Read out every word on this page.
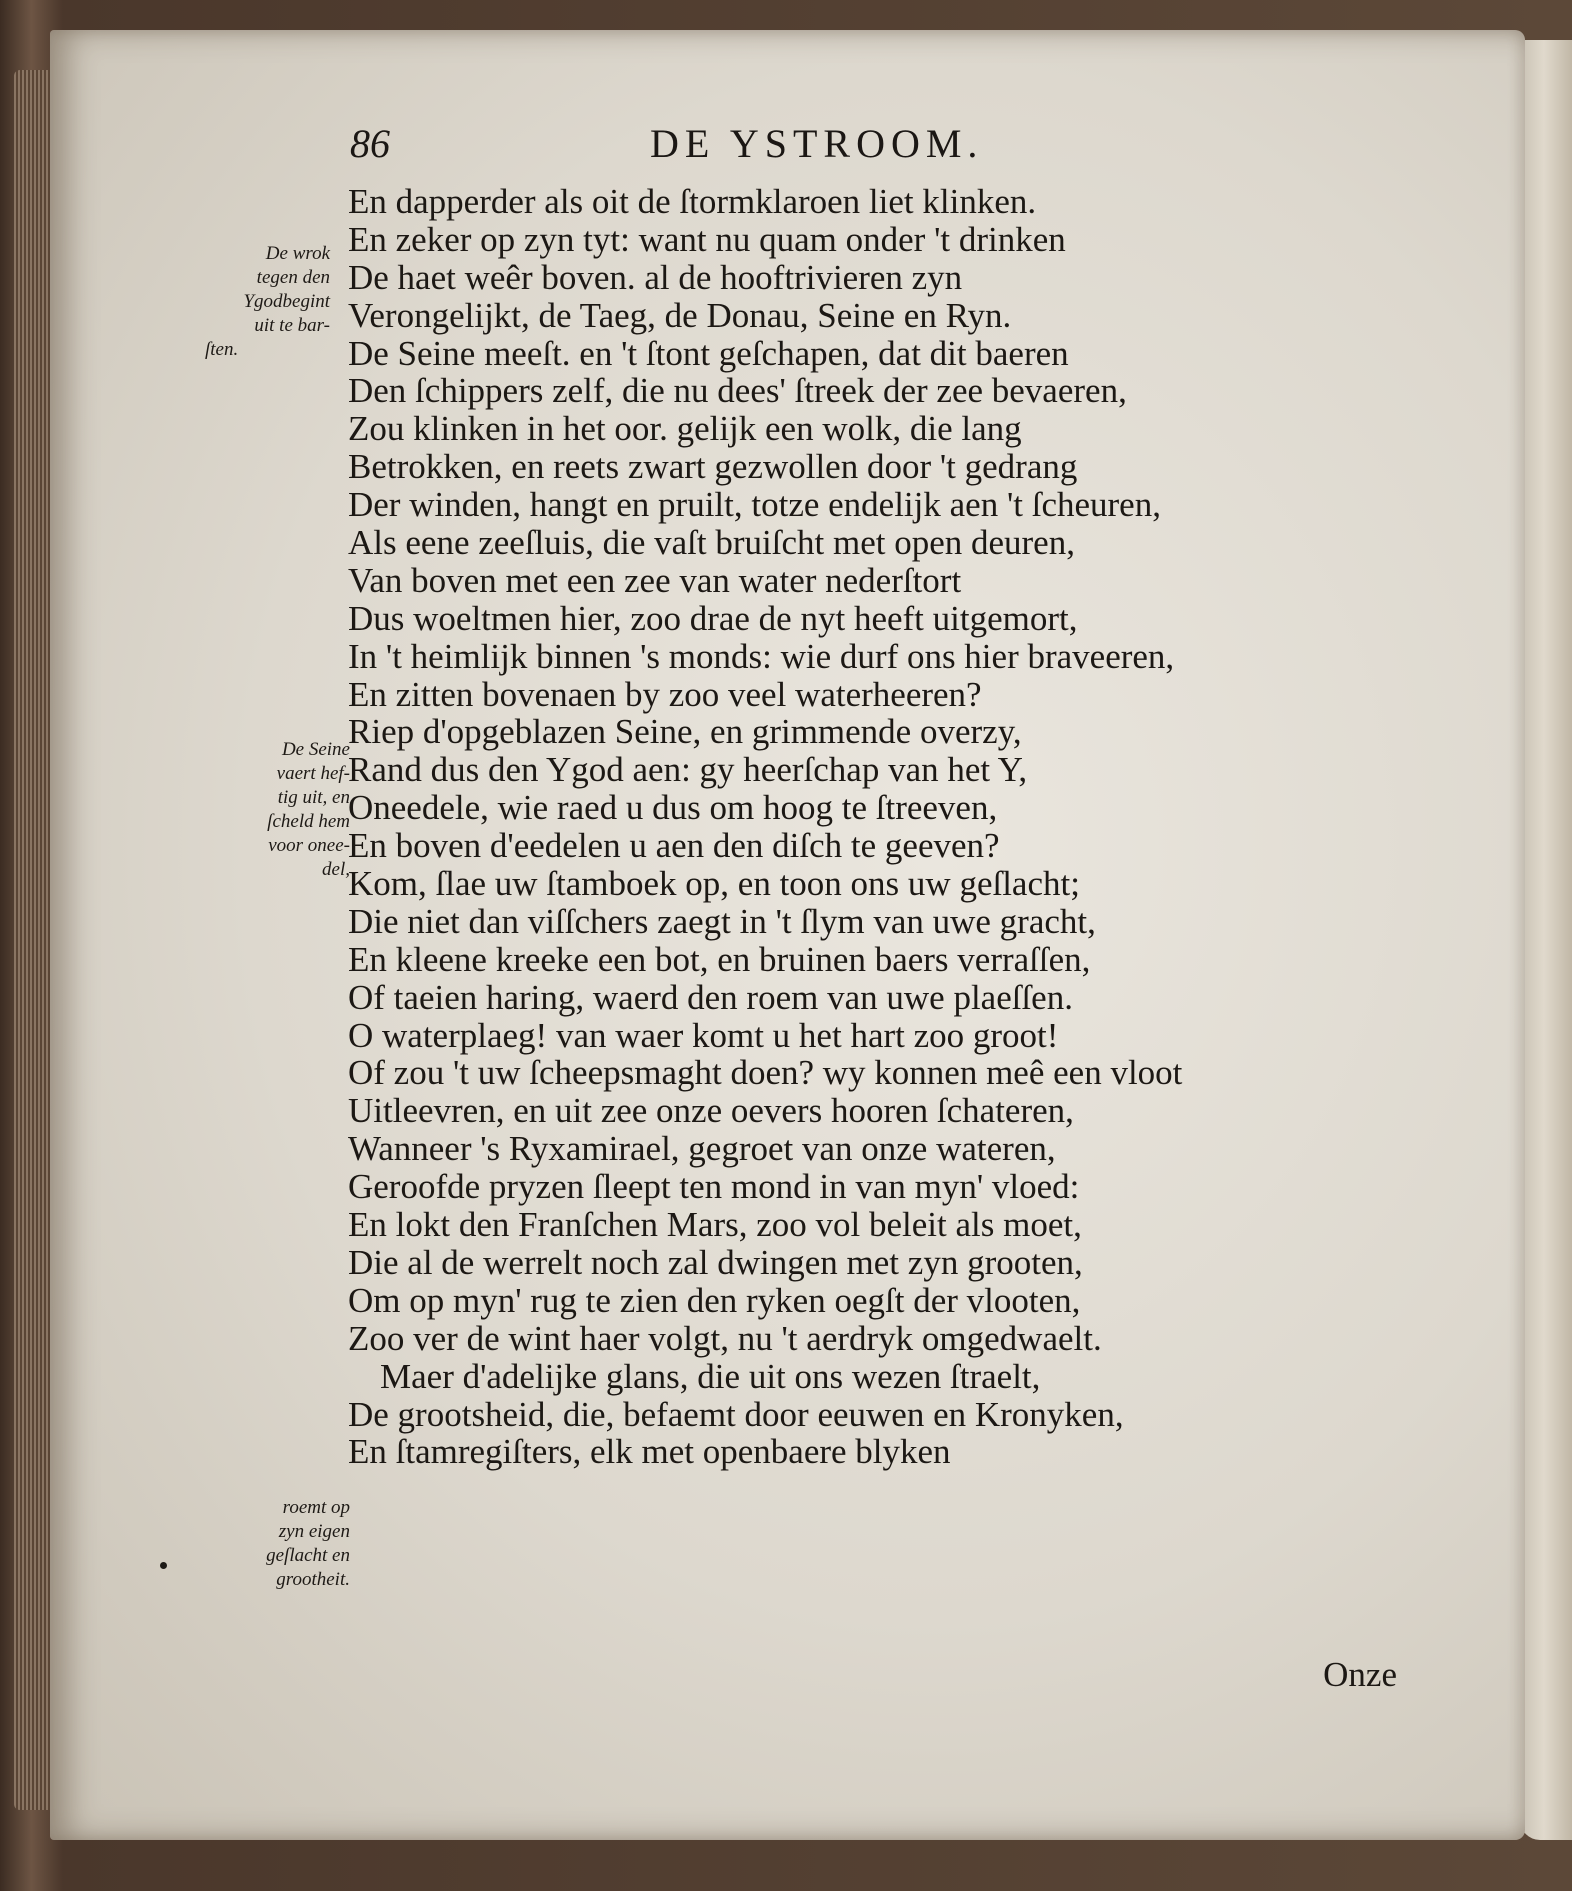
86	DE YSTROOM.
En dapperder als oit de ſtormklaroen liet klinken.
En zeker op zyn tyt: want nu quam onder 't drinken
De haet weêr boven. al de hooftrivieren zyn
Verongelijkt, de Taeg, de Donau, Seine en Ryn.
De Seine meeſt. en 't ſtont geſchapen, dat dit baeren
Den ſchippers zelf, die nu dees' ſtreek der zee bevaeren,
Zou klinken in het oor. gelijk een wolk, die lang
Betrokken, en reets zwart gezwollen door 't gedrang
Der winden, hangt en pruilt, totze endelijk aen 't ſcheuren,
Als eene zeeſluis, die vaſt bruiſcht met open deuren,
Van boven met een zee van water nederſtort
Dus woeltmen hier, zoo drae de nyt heeft uitgemort,
In 't heimlijk binnen 's monds: wie durf ons hier braveeren,
En zitten bovenaen by zoo veel waterheeren?
Riep d'opgeblazen Seine, en grimmende overzy,
Rand dus den Ygod aen: gy heerſchap van het Y,
Oneedele, wie raed u dus om hoog te ſtreeven,
En boven d'eedelen u aen den diſch te geeven?
Kom, ſlae uw ſtamboek op, en toon ons uw geſlacht;
Die niet dan viſſchers zaegt in 't ſlym van uwe gracht,
En kleene kreeke een bot, en bruinen baers verraſſen,
Of taeien haring, waerd den roem van uwe plaeſſen.
O waterplaeg! van waer komt u het hart zoo groot!
Of zou 't uw ſcheepsmaght doen? wy konnen meê een vloot
Uitleevren, en uit zee onze oevers hooren ſchateren,
Wanneer 's Ryxamirael, gegroet van onze wateren,
Geroofde pryzen ſleept ten mond in van myn' vloed:
En lokt den Franſchen Mars, zoo vol beleit als moet,
Die al de werrelt noch zal dwingen met zyn grooten,
Om op myn' rug te zien den ryken oegſt der vlooten,
Zoo ver de wint haer volgt, nu 't aerdryk omgedwaelt.
Maer d'adelijke glans, die uit ons wezen ſtraelt,
De grootsheid, die, befaemt door eeuwen en Kronyken,
En ſtamregiſters, elk met openbaere blyken
De wrok
tegen den
Ygodbegint
uit te bar-
ſten.
De Seine
vaert hef-
tig uit, en
ſcheld hem
voor onee-
del,
roemt op
zyn eigen
geſlacht en
grootheit.
Onze
